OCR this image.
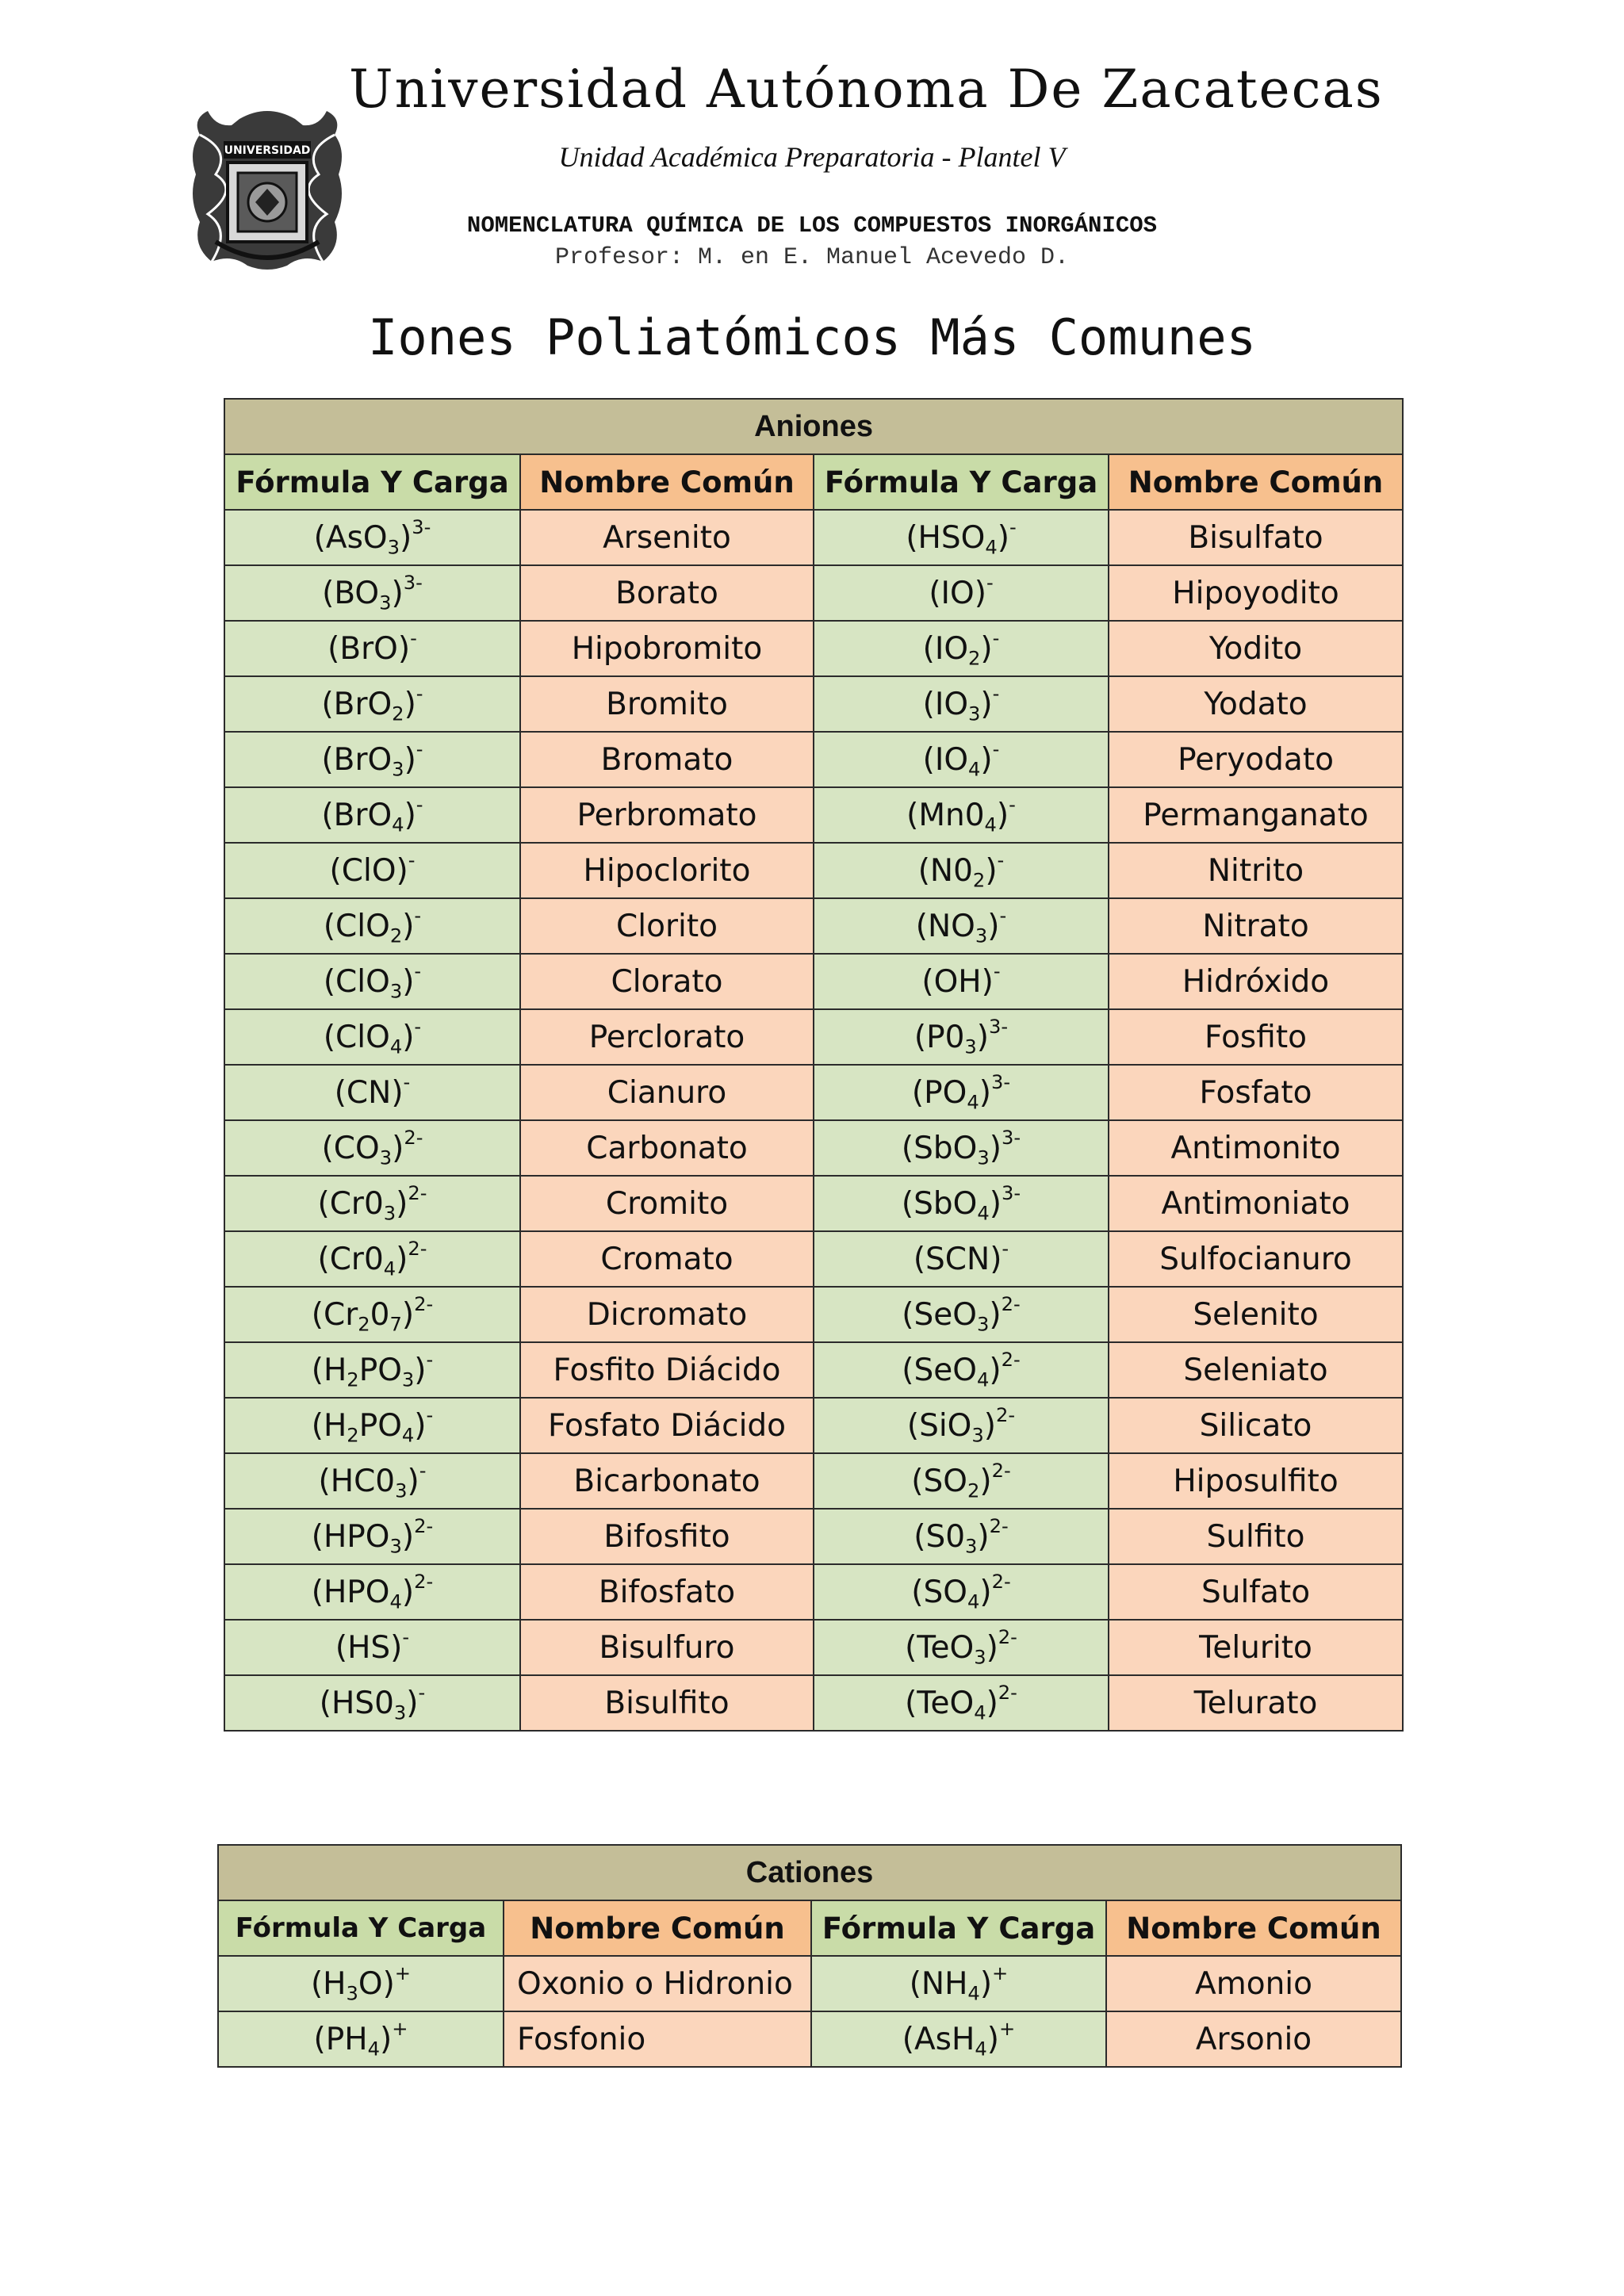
UNIVERSIDAD
Universidad Autónoma De Zacatecas
Unidad Académica Preparatoria - Plantel V
NOMENCLATURA QUÍMICA DE LOS COMPUESTOS INORGÁNICOS
Profesor: M. en E. Manuel Acevedo D.
Iones Poliatómicos Más Comunes
Aniones			
Fórmula Y Carga	Nombre Común	Fórmula Y Carga	Nombre Común
$(AsO_3)^{3-}$	Arsenito	$(HSO_4)^-$	Bisulfato
$(BO_3)^{3-}$	Borato	(IO)-	Hipoyodito
(BrO)-	Hipobromito	$(IO_2)^-$	Yodito
(BrO$_2$)-	Bromito	$(IO_3)^-$	Yodato
(BrO$_3$)-	Bromato	$(IO_4)^-$	Peryodato
(BrO$_4$)-	Perbromato	$(Mn0_4)^-$	Permanganato
(ClO)-	Hipoclorito	$(N0_2)^-$	Nitrito
(ClO$_2$)-	Clorito	$(NO_3)^-$	Nitrato
(ClO$_3$)-	Clorato	(OH)-	Hidróxido
(ClO$_4$)-	Perclorato	$(P0_3)^{3-}$	Fosfito
(CN)-	Cianuro	$(PO_4)^{3-}$	Fosfato
$(CO_3)^{2-}$	Carbonato	$(SbO_3)^{3-}$	Antimonito
$(Cr0_3)^{2-}$	Cromito	$(SbO_4)^{3-}$	Antimoniato
$(Cr0_4)^{2-}$	Cromato	(SCN)-	Sulfocianuro
$(Cr_20_7)^{2-}$	Dicromato	$(SeO_3)^{2-}$	Selenito
$(H_2PO_3)^-$	Fosfito Diácido	$(SeO_4)^{2-}$	Seleniato
$(H_2PO_4)^-$	Fosfato Diácido	$(SiO_3)^{2-}$	Silicato
$(HC0_3)^-$	Bicarbonato	$(SO_2)^{2-}$	Hiposulfito
$(HPO_3)^{2-}$	Bifosfito	$(S0_3)^{2-}$	Sulfito
$(HPO_4)^{2-}$	Bifosfato	$(SO_4)^{2-}$	Sulfato
(HS)-	Bisulfuro	$(TeO_3)^{2-}$	Telurito
$(HS0_3)^-$	Bisulfito	$(TeO_4)^{2-}$	Telurato
Cationes			
Fórmula Y Carga	Nombre Común	Fórmula Y Carga	Nombre Común
$(H_3O)^+$	Oxonio o Hidronio	$(NH_4)^+$	Amonio
$(PH_4)^+$	Fosfonio	(AsH$_4$)+	Arsonio
